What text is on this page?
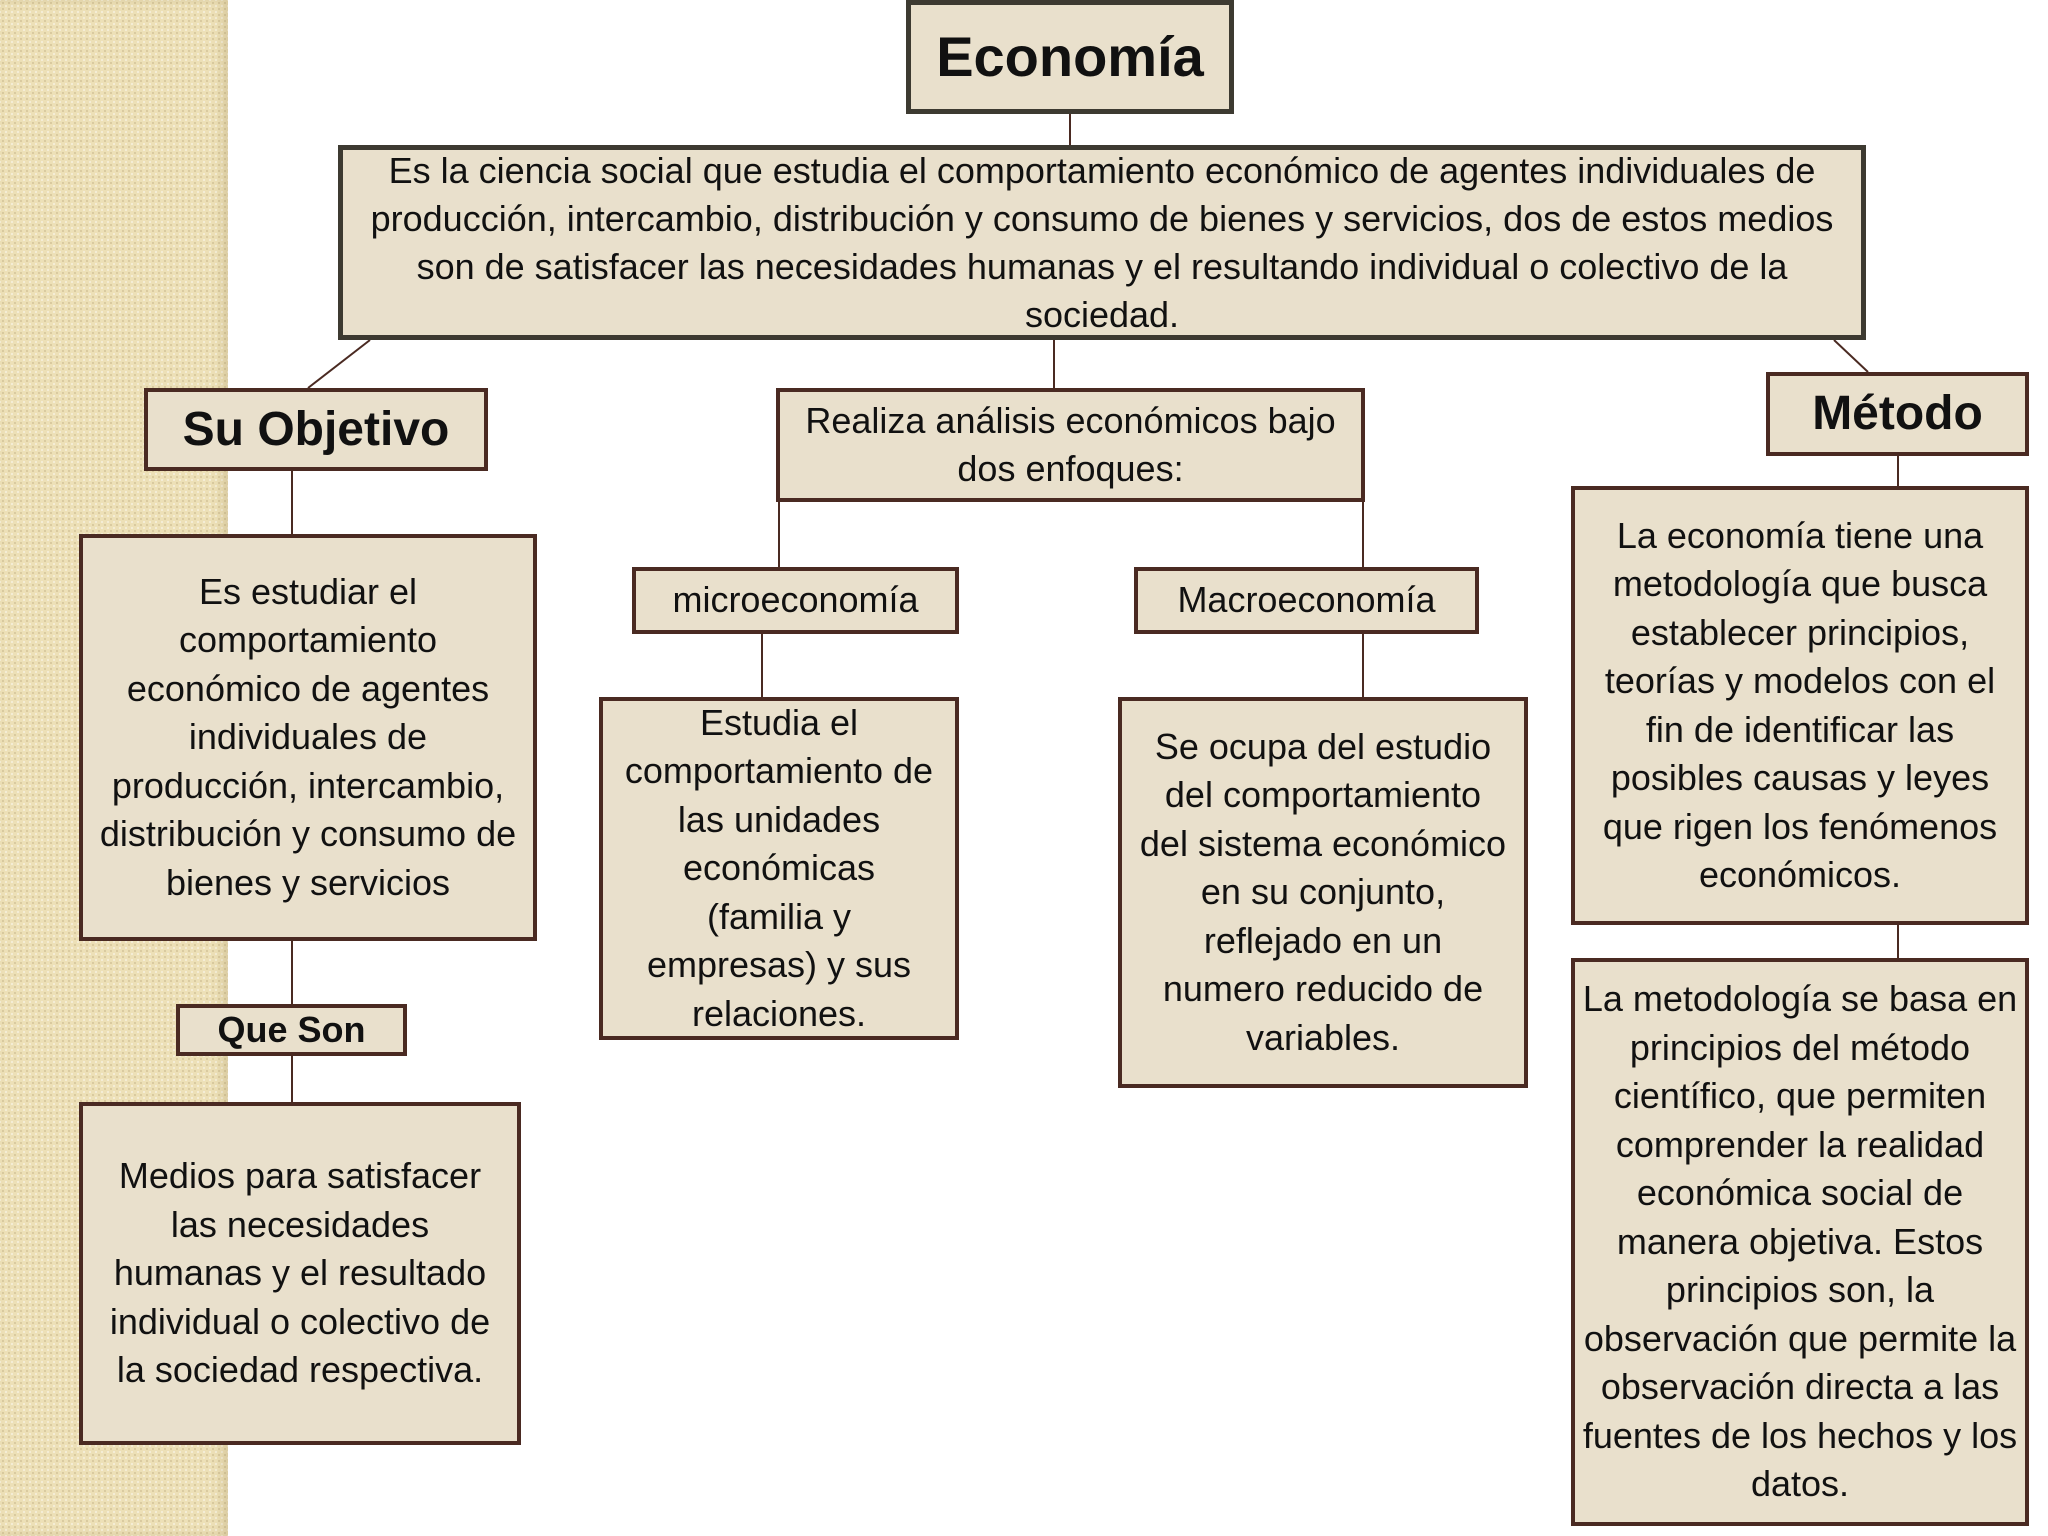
Economía
Es la ciencia social que estudia el comportamiento económico de agentes individuales de producción, intercambio, distribución y consumo de bienes y servicios, dos de estos medios son de satisfacer las necesidades humanas y el resultando individual o colectivo de la sociedad.
Su Objetivo
Es estudiar el comportamiento económico de agentes individuales de producción, intercambio, distribución y consumo de bienes y servicios
Que Son
Medios para satisfacer las necesidades humanas y el resultado individual o colectivo de la sociedad respectiva.
Realiza análisis económicos bajo dos enfoques:
microeconomía	Macroeconomía
Estudia el comportamiento de las unidades económicas (familia y empresas) y sus relaciones.
Se ocupa del estudio del comportamiento del sistema económico en su conjunto, reflejado en un numero reducido de variables.
Método
La economía tiene una metodología que busca establecer principios, teorías y modelos con el fin de identificar las posibles causas y leyes que rigen los fenómenos económicos.
La metodología se basa en principios del método científico, que permiten comprender la realidad económica social de manera objetiva. Estos principios son, la observación que permite la observación directa a las fuentes de los hechos y los datos.
